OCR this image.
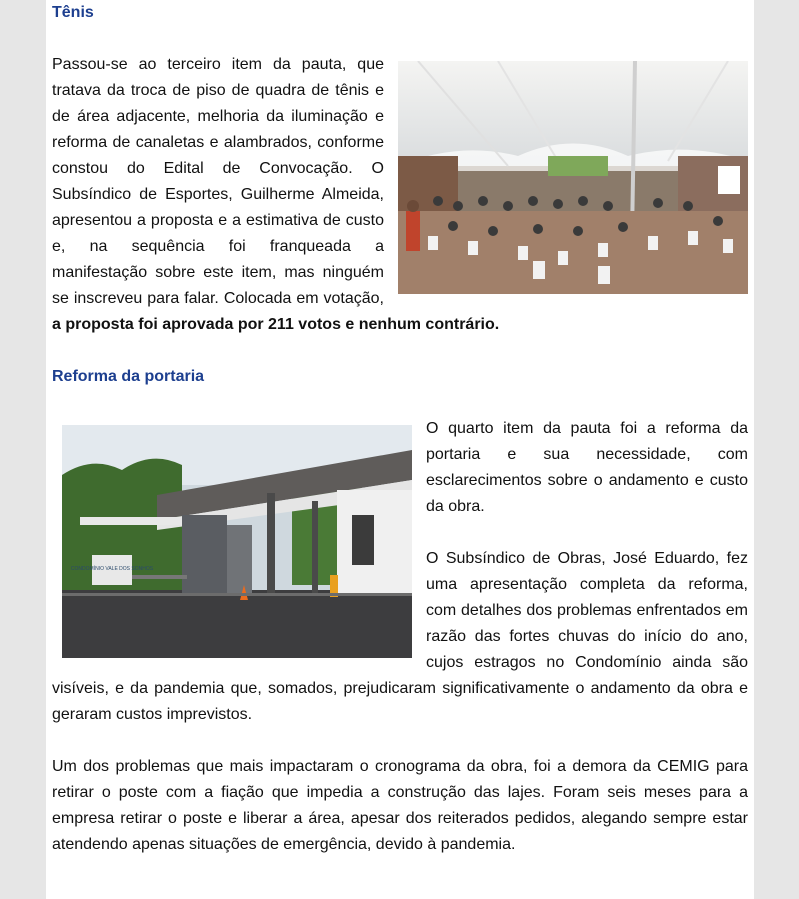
Tênis

Passou-se ao terceiro item da pauta, que tratava da troca de piso de quadra de tênis e de área adjacente, melhoria da iluminação e reforma de canaletas e alambrados, conforme constou do Edital de Convocação. O Subsíndico de Esportes, Guilherme Almeida, apresentou a proposta e a estimativa de custo e, na sequência foi franqueada a manifestação sobre este item, mas ninguém se inscreveu para falar. Colocada em votação, a proposta foi aprovada por 211 votos e nenhum contrário.

Reforma da portaria
CONDOMÍNIO VALE DOS SONHOS

O quarto item da pauta foi a reforma da portaria e sua necessidade, com esclarecimentos sobre o andamento e custo da obra.

O Subsíndico de Obras, José Eduardo, fez uma apresentação completa da reforma, com detalhes dos problemas enfrentados em razão das fortes chuvas do início do ano, cujos estragos no Condomínio ainda são visíveis, e da pandemia que, somados, prejudicaram significativamente o andamento da obra e geraram custos imprevistos.

Um dos problemas que mais impactaram o cronograma da obra, foi a demora da CEMIG para retirar o poste com a fiação que impedia a construção das lajes. Foram seis meses para a empresa retirar o poste e liberar a área, apesar dos reiterados pedidos, alegando sempre estar atendendo apenas situações de emergência, devido à pandemia.
